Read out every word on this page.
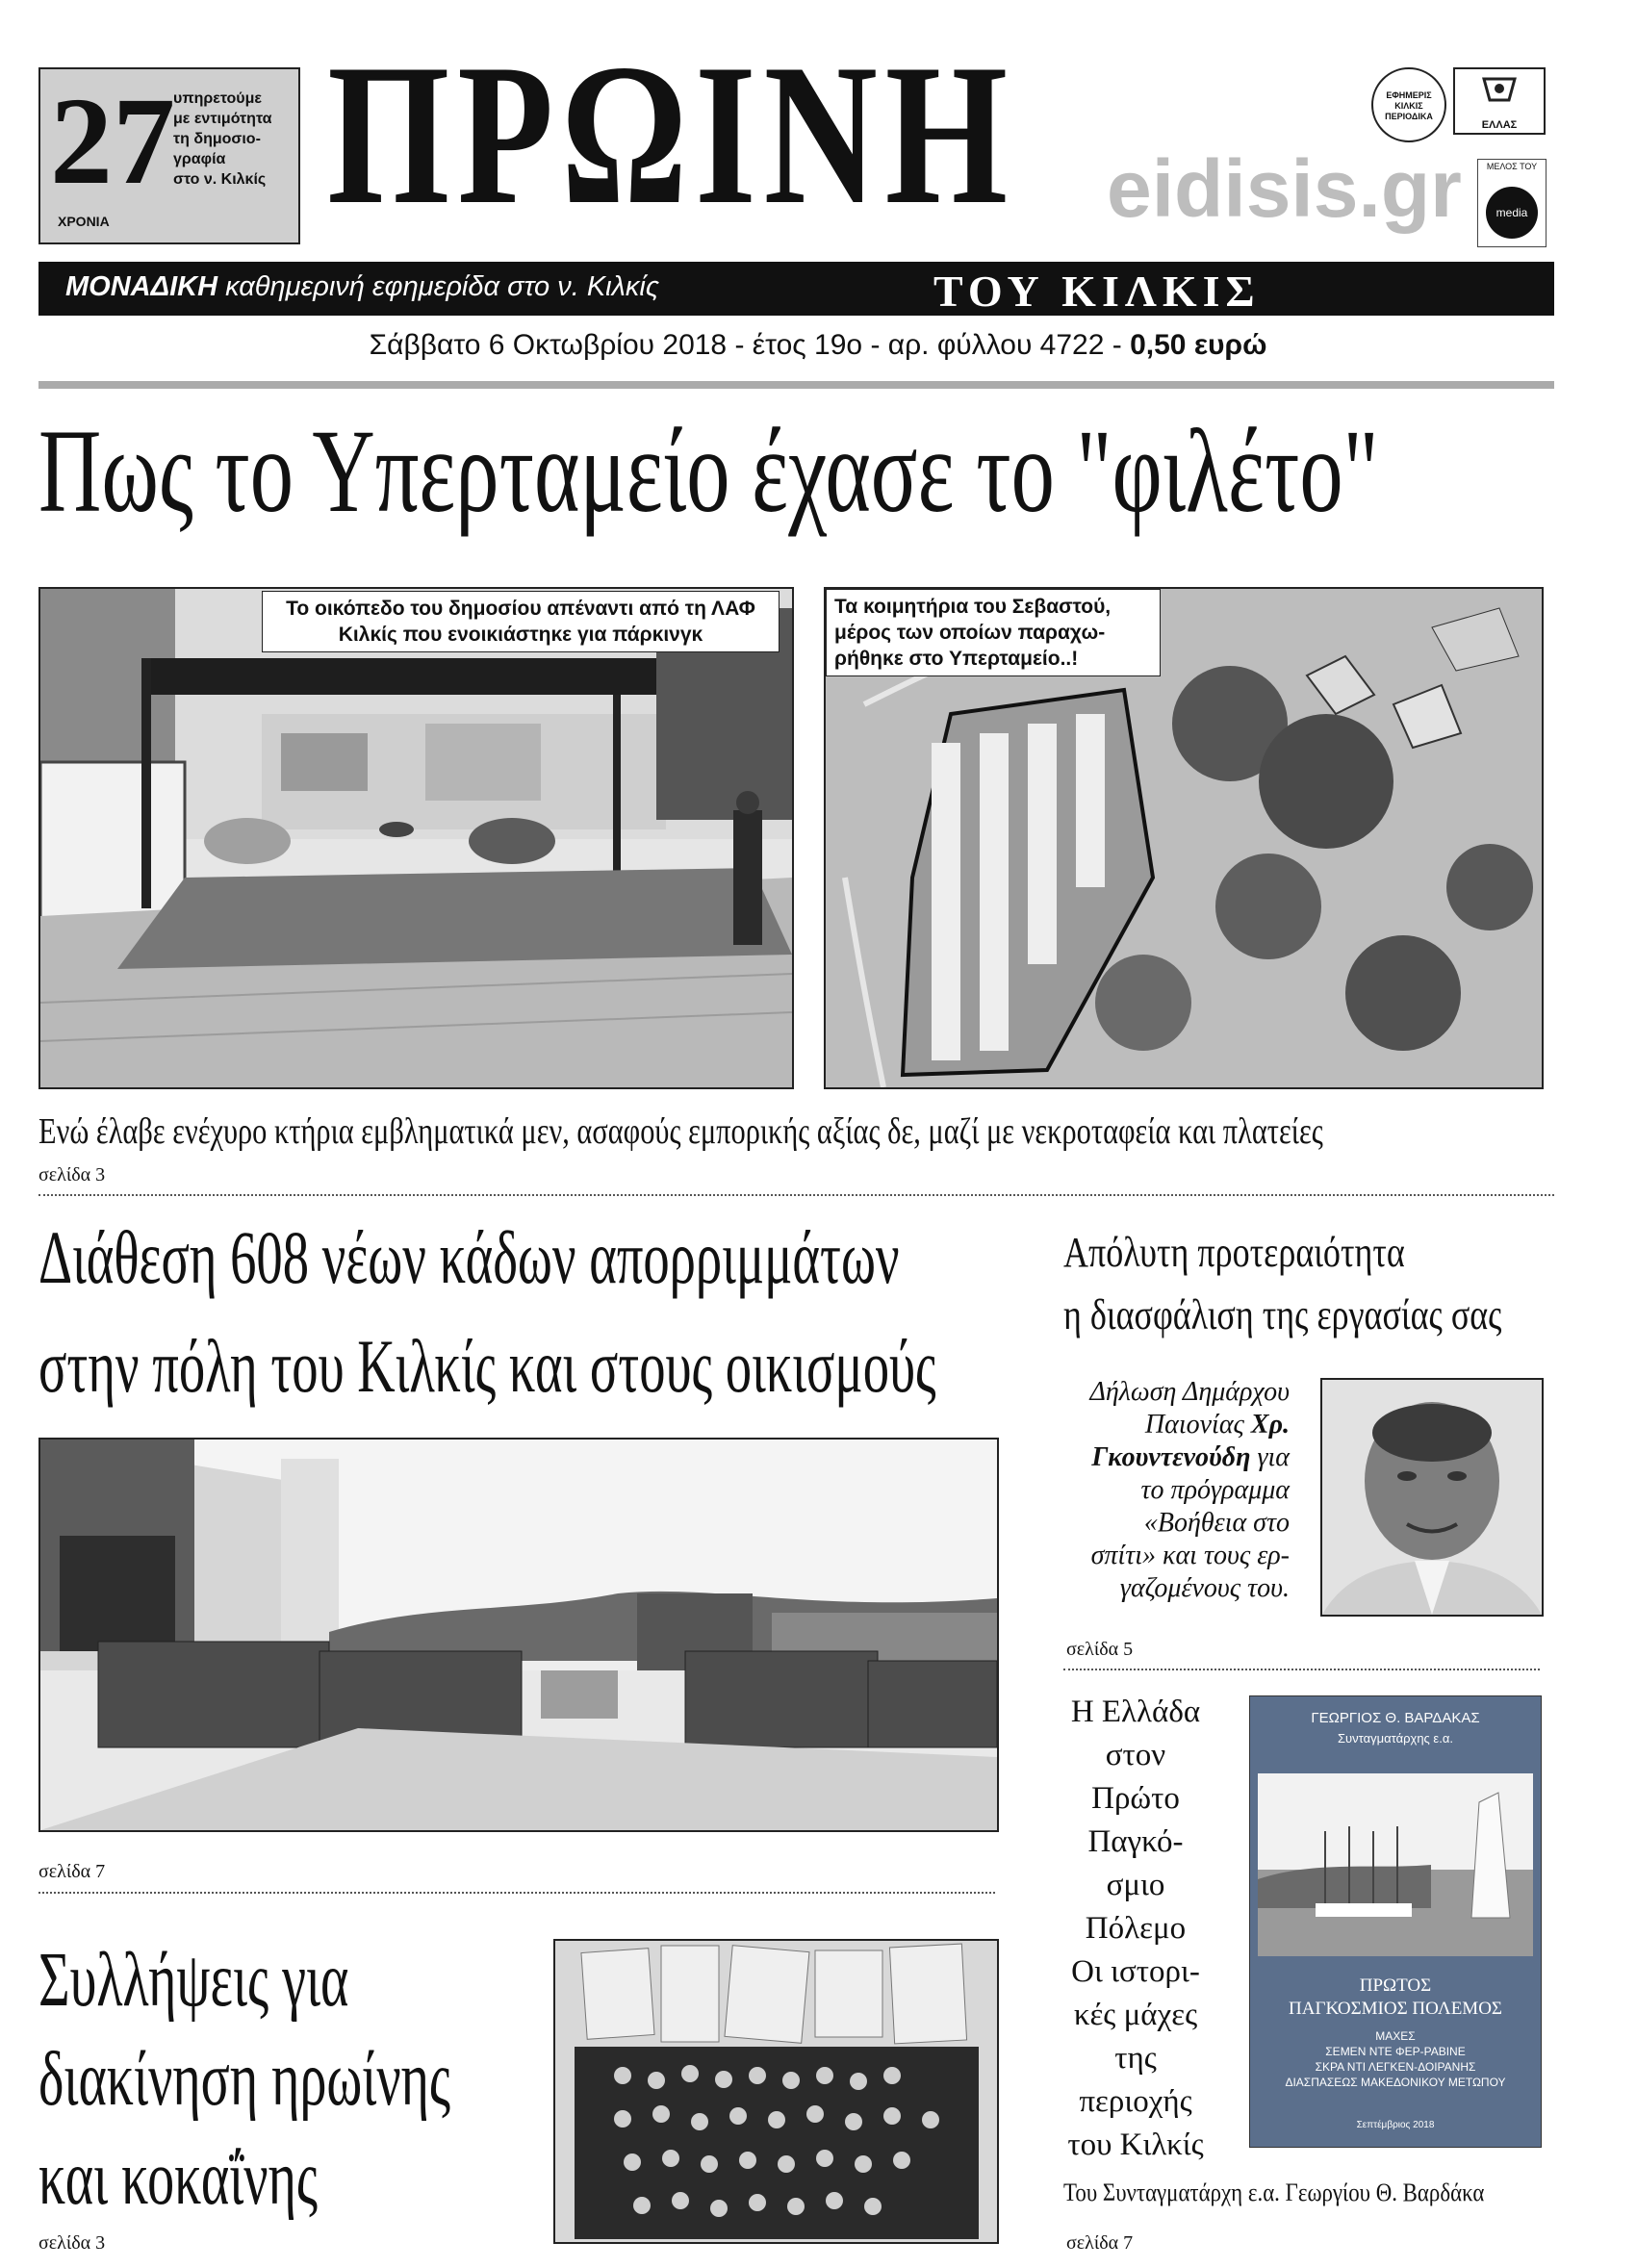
27
ΧΡΟΝΙΑ
υπηρετούμε
με εντιμότητα
τη δημοσιο-
γραφία
στο ν. Κιλκίς ΠΡΩΙΝΗ eidisis.gr
ΕΦΗΜΕΡΙΣ ΚΙΛΚΙΣ ΠΕΡΙΟΔΙΚΑ
ΕΛΛΑΣ
ΜΕΛΟΣ ΤΟΥ
media
ΜΟΝΑΔΙΚΗ καθημερινή εφημερίδα στο ν. Κιλκίς	ΤΟΥ ΚΙΛΚΙΣ
Σάββατο 6 Οκτωβρίου 2018 - έτος 19ο - αρ. φύλλου 4722 - 0,50 ευρώ
Πως το Υπερταμείο έχασε το "φιλέτο"
Το οικόπεδο του δημοσίου απέναντι από τη ΛΑΦ Κιλκίς που ενοικιάστηκε για πάρκινγκ
Τα κοιμητήρια του Σεβαστού, μέρος των οποίων παραχω-ρήθηκε στο Υπερταμείο..!
Ενώ έλαβε ενέχυρο κτήρια εμβληματικά μεν, ασαφούς εμπορικής αξίας δε, μαζί με νεκροταφεία και πλατείες
σελίδα 3
Διάθεση 608 νέων κάδων απορριμμάτων
στην πόλη του Κιλκίς και στους οικισμούς
σελίδα 7
Συλλήψεις για
διακίνηση ηρωίνης
και κοκαΐνης
σελίδα 3
Απόλυτη προτεραιότητα
η διασφάλιση της εργασίας σας
Δήλωση Δημάρχου
Παιονίας Χρ.
Γκουντενούδη για
το πρόγραμμα
«Βοήθεια στο
σπίτι» και τους ερ-
γαζομένους του.
σελίδα 5
Η Ελλάδα
στον
Πρώτο
Παγκό-
σμιο
Πόλεμο
Οι ιστορι-
κές μάχες
της
περιοχής
του Κιλκίς
ΓΕΩΡΓΙΟΣ Θ. ΒΑΡΔΑΚΑΣ
Συνταγματάρχης ε.α.
ΠΡΩΤΟΣ
ΠΑΓΚΟΣΜΙΟΣ ΠΟΛΕΜΟΣ
ΜΑΧΕΣ
ΣΕΜΕΝ ΝΤΕ ΦΕΡ-ΡΑΒΙΝΕ
ΣΚΡΑ ΝΤΙ ΛΕΓΚΕΝ-ΔΟΙΡΑΝΗΣ
ΔΙΑΣΠΑΣΕΩΣ ΜΑΚΕΔΟΝΙΚΟΥ ΜΕΤΩΠΟΥ
Σεπτέμβριος 2018
Του Συνταγματάρχη ε.α. Γεωργίου Θ. Βαρδάκα
σελίδα 7
